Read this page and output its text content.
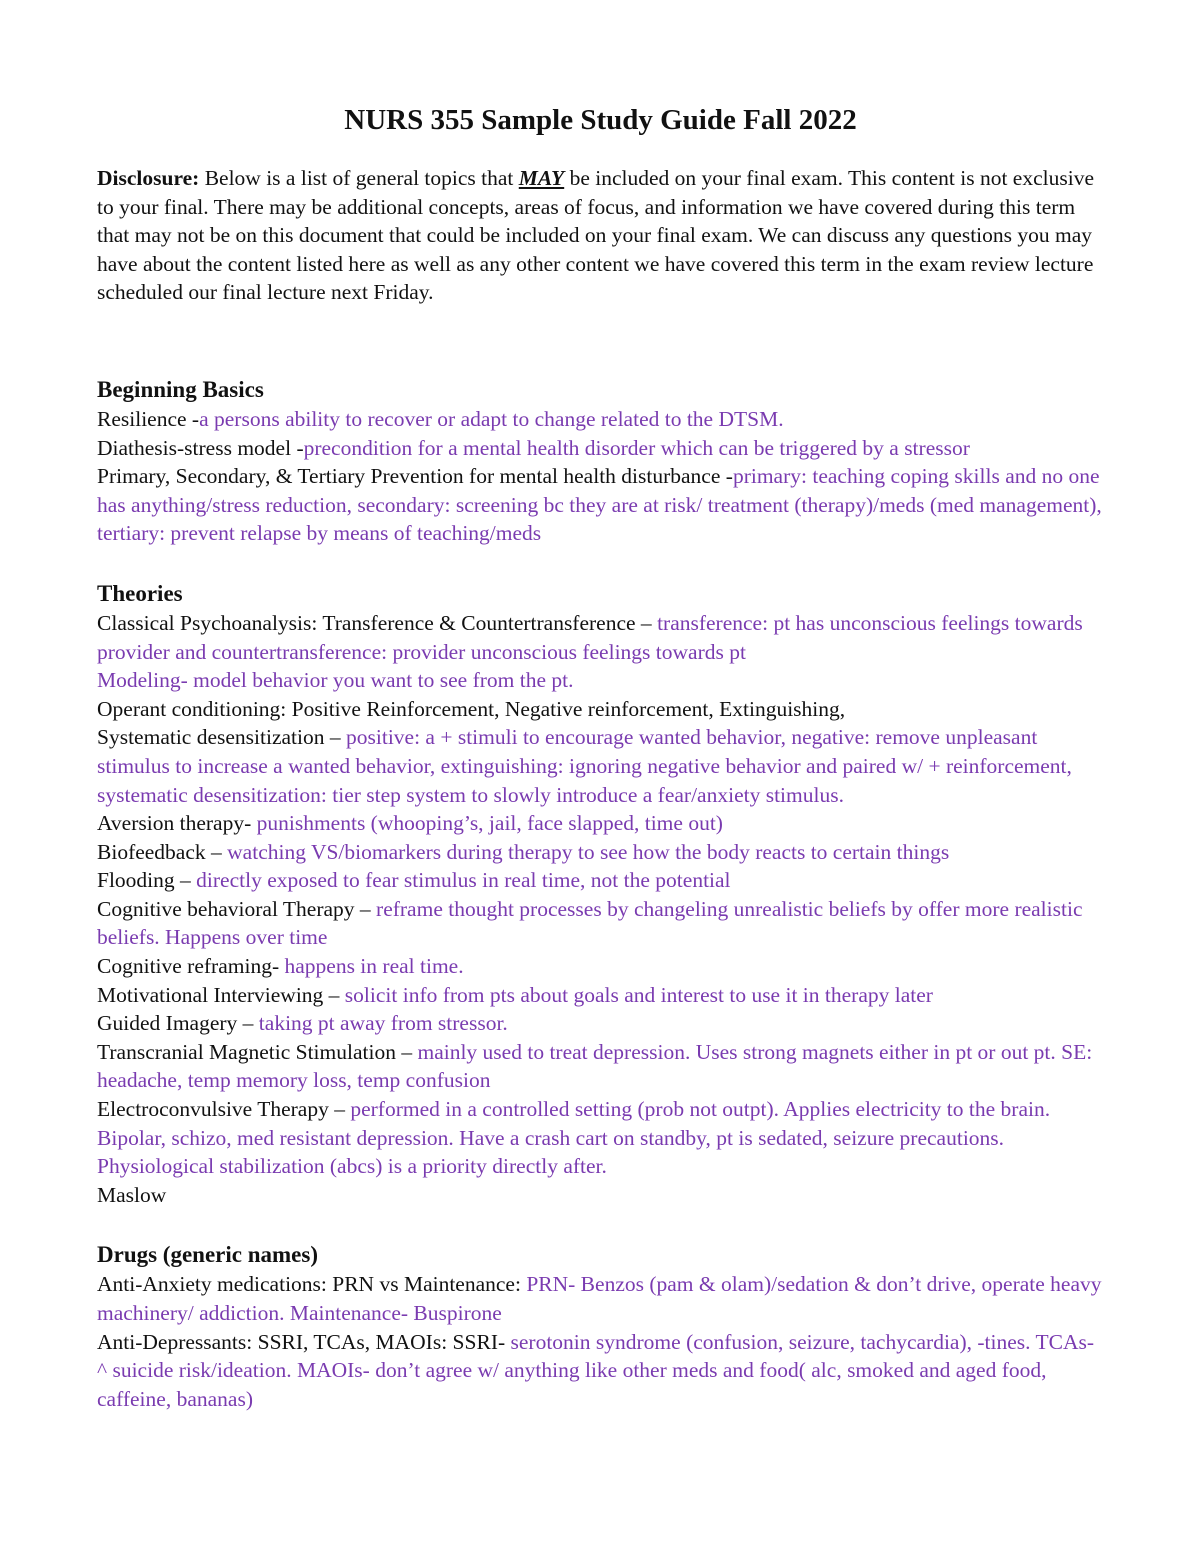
NURS 355 Sample Study Guide Fall 2022

Disclosure: Below is a list of general topics that MAY be included on your final exam. This content is not exclusive to your final. There may be additional concepts, areas of focus, and information we have covered during this term that may not be on this document that could be included on your final exam. We can discuss any questions you may have about the content listed here as well as any other content we have covered this term in the exam review lecture scheduled our final lecture next Friday.

Beginning Basics

Resilience -a persons ability to recover or adapt to change related to the DTSM.

Diathesis-stress model -precondition for a mental health disorder which can be triggered by a stressor

Primary, Secondary, & Tertiary Prevention for mental health disturbance -primary: teaching coping skills and no one has anything/stress reduction, secondary: screening bc they are at risk/ treatment (therapy)/meds (med management), tertiary: prevent relapse by means of teaching/meds

Theories

Classical Psychoanalysis: Transference & Countertransference – transference: pt has unconscious feelings towards provider and countertransference: provider unconscious feelings towards pt

Modeling- model behavior you want to see from the pt.

Operant conditioning: Positive Reinforcement, Negative reinforcement, Extinguishing,

Systematic desensitization – positive: a + stimuli to encourage wanted behavior, negative: remove unpleasant stimulus to increase a wanted behavior, extinguishing: ignoring negative behavior and paired w/ + reinforcement, systematic desensitization: tier step system to slowly introduce a fear/anxiety stimulus.

Aversion therapy- punishments (whooping’s, jail, face slapped, time out)

Biofeedback – watching VS/biomarkers during therapy to see how the body reacts to certain things

Flooding – directly exposed to fear stimulus in real time, not the potential

Cognitive behavioral Therapy – reframe thought processes by changeling unrealistic beliefs by offer more realistic beliefs. Happens over time

Cognitive reframing- happens in real time.

Motivational Interviewing – solicit info from pts about goals and interest to use it in therapy later

Guided Imagery – taking pt away from stressor.

Transcranial Magnetic Stimulation – mainly used to treat depression. Uses strong magnets either in pt or out pt. SE: headache, temp memory loss, temp confusion

Electroconvulsive Therapy – performed in a controlled setting (prob not outpt). Applies electricity to the brain. Bipolar, schizo, med resistant depression. Have a crash cart on standby, pt is sedated, seizure precautions. Physiological stabilization (abcs) is a priority directly after.

Maslow

Drugs (generic names)

Anti-Anxiety medications: PRN vs Maintenance: PRN- Benzos (pam & olam)/sedation & don’t drive, operate heavy machinery/ addiction. Maintenance- Buspirone

Anti-Depressants: SSRI, TCAs, MAOIs: SSRI- serotonin syndrome (confusion, seizure, tachycardia), -tines. TCAs- ^ suicide risk/ideation. MAOIs- don’t agree w/ anything like other meds and food( alc, smoked and aged food, caffeine, bananas)
